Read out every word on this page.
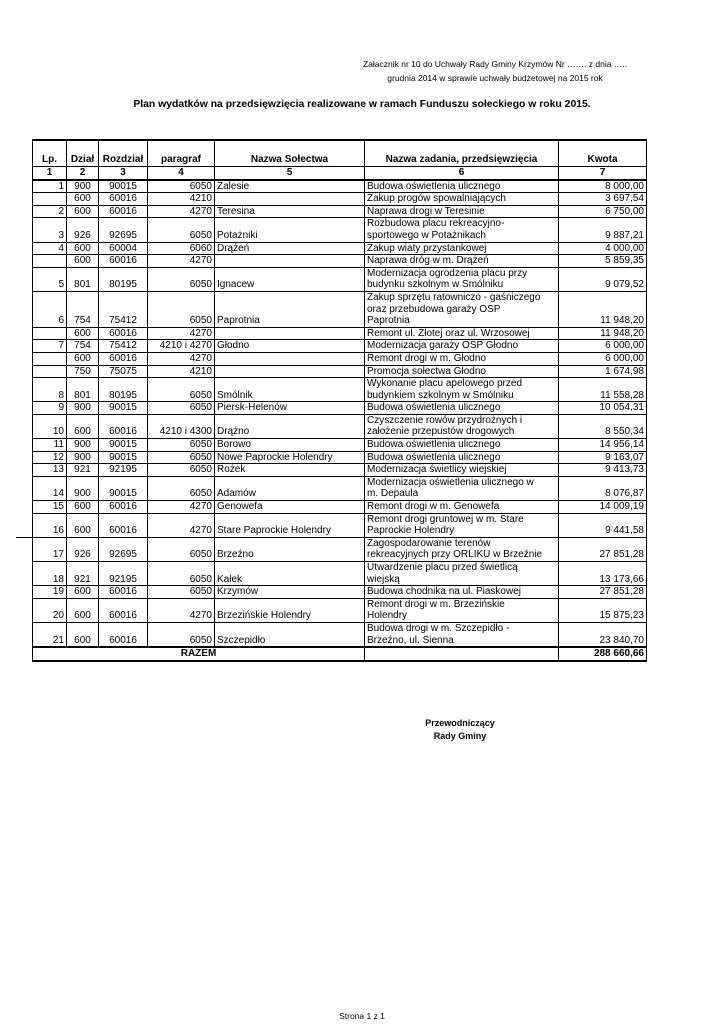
Załacznik nr 10 do Uchwały Rady Gminy Krzymów Nr ……. z dnia …..
grudnia 2014 w sprawie uchwały budżetowej na 2015 rok
Plan wydatków na przedsięwzięcia realizowane w ramach Funduszu sołeckiego w roku 2015.
Lp.	Dział	Rozdział	paragraf	Nazwa Sołectwa	Nazwa zadania, przedsięwzięcia	Kwota
1	2	3	4	5	6	7
1	900	90015	6050	Zalesie	Budowa oświetlenia ulicznego	8 000,00
	600	60016	4210		Zakup progów spowalniających	3 697,54
2	600	60016	4270	Teresina	Naprawa drogi w Teresinie	6 750,00
3	926	92695	6050	Potażniki	Rozbudowa placu rekreacyjno-
sportowego w Potażnikach	9 887,21
4	600	60004	6060	Drążeń	Zakup wiaty przystankowej	4 000,00
	600	60016	4270		Naprawa dróg w m. Drążeń	5 859,35
5	801	80195	6050	Ignacew	Modernizacja ogrodzenia placu przy
budynku szkolnym w Smólniku	9 079,52
6	754	75412	6050	Paprotnia	Zakup sprzętu ratowniczo - gaśniczego
oraz przebudowa garaży OSP
Paprotnia	11 948,20
	600	60016	4270		Remont ul. Złotej oraz ul. Wrzosowej	11 948,20
7	754	75412	4210 i 4270	Głodno	Modernizacja garaży OSP Głodno	6 000,00
	600	60016	4270		Remont drogi w m. Głodno	6 000,00
	750	75075	4210		Promocja sołectwa Głodno	1 674,98
8	801	80195	6050	Smólnik	Wykonanie placu apelowego przed
budynkiem szkolnym w Smólniku	11 558,28
9	900	90015	6050	Piersk-Helenów	Budowa oświetlenia ulicznego	10 054,31
10	600	60016	4210 i 4300	Drążno	Czyszczenie rowów przydrożnych i
założenie przepustów drogowych	8 550,34
11	900	90015	6050	Borowo	Budowa oświetlenia ulicznego	14 956,14
12	900	90015	6050	Nowe Paprockie Holendry	Budowa oświetlenia ulicznego	9 163,07
13	921	92195	6050	Rożek	Modernizacja świetlicy wiejskiej	9 413,73
14	900	90015	6050	Adamów	Modernizacja oświetlenia ulicznego w
m. Depaula	8 076,87
15	600	60016	4270	Genowefa	Remont drogi w m. Genowefa	14 009,19
16	600	60016	4270	Stare Paprockie Holendry	Remont drogi gruntowej w m. Stare
Paprockie Holendry	9 441,58
17	926	92695	6050	Brzeźno	Zagospodarowanie terenów
rekreacyjnych przy ORLIKU w Brzeźnie	27 851,28
18	921	92195	6050	Kałek	Utwardzenie placu przed świetlicą
wiejską	13 173,66
19	600	60016	6050	Krzymów	Budowa chodnika na ul. Piaskowej	27 851,28
20	600	60016	4270	Brzezińskie Holendry	Remont drogi w m. Brzezińskie
Holendry	15 875,23
21	600	60016	6050	Szczepidło	Budowa drogi w m. Szczepidło -
Brzeźno, ul. Sienna	23 840,70
RAZEM						288 660,66
Przewodniczący
Rady Gminy
Strona 1 z 1
